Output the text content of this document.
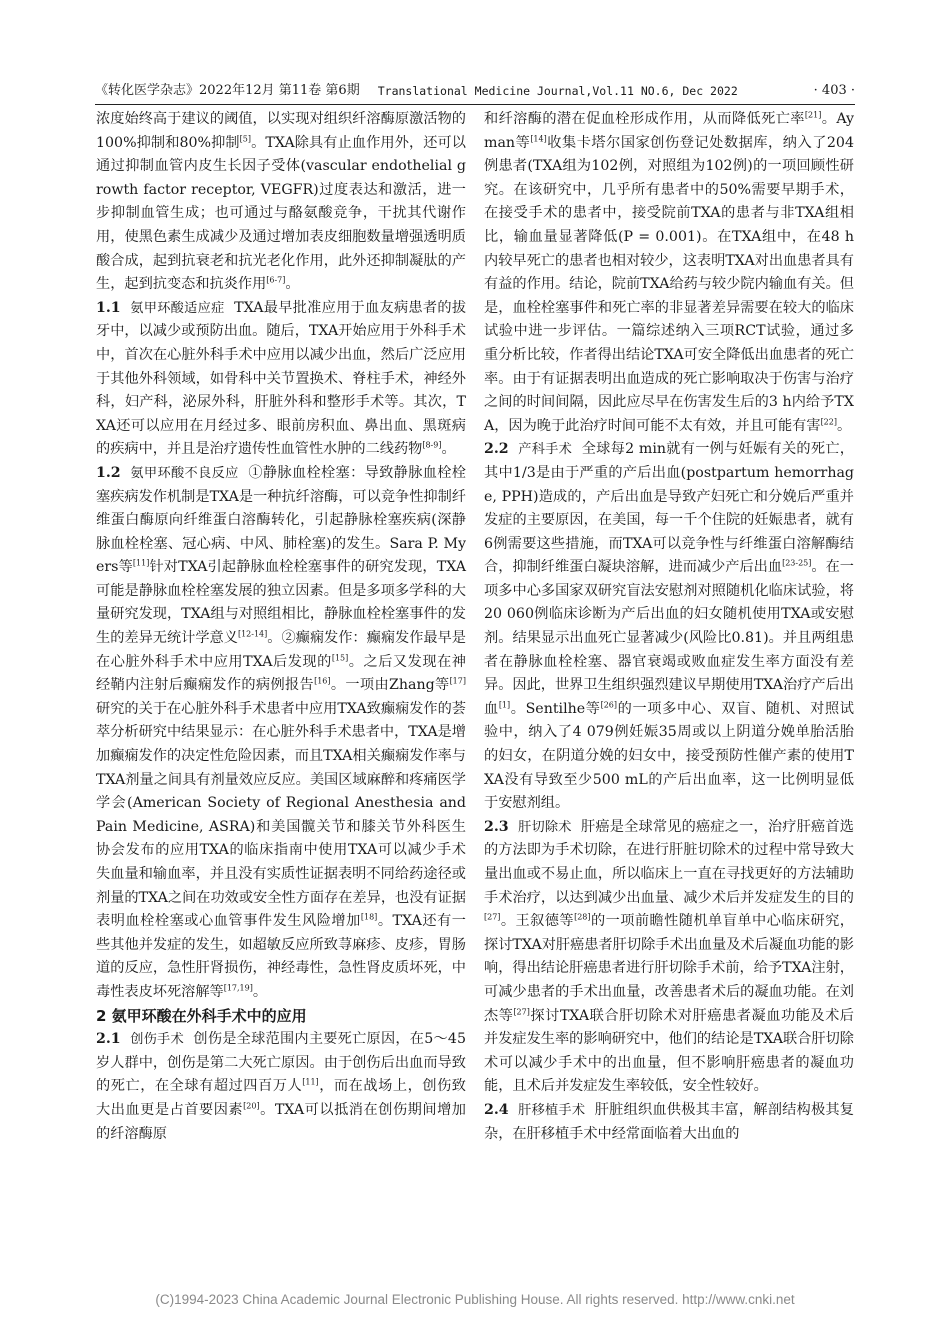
《转化医学杂志》2022年12月 第11卷 第6期 Translational Medicine Journal,Vol.11 NO.6, Dec 2022	· 403 ·

浓度始终高于建议的阈值，以实现对组织纤溶酶原激活物的100%抑制和80%抑制[5]。TXA除具有止血作用外，还可以通过抑制血管内皮生长因子受体(vascular endothelial growth factor receptor, VEGFR)过度表达和激活，进一步抑制血管生成；也可通过与酪氨酸竞争，干扰其代谢作用，使黑色素生成减少及通过增加表皮细胞数量增强透明质酸合成，起到抗衰老和抗光老化作用，此外还抑制凝肽的产生，起到抗变态和抗炎作用[6-7]。

1.1 氨甲环酸适应症 TXA最早批准应用于血友病患者的拔牙中，以减少或预防出血。随后，TXA开始应用于外科手术中，首次在心脏外科手术中应用以减少出血，然后广泛应用于其他外科领域，如骨科中关节置换术、脊柱手术，神经外科，妇产科，泌尿外科，肝脏外科和整形手术等。其次，TXA还可以应用在月经过多、眼前房积血、鼻出血、黑斑病的疾病中，并且是治疗遗传性血管性水肿的二线药物[8-9]。

1.2 氨甲环酸不良反应 ①静脉血栓栓塞：导致静脉血栓栓塞疾病发作机制是TXA是一种抗纤溶酶，可以竞争性抑制纤维蛋白酶原向纤维蛋白溶酶转化，引起静脉栓塞疾病(深静脉血栓栓塞、冠心病、中风、肺栓塞)的发生。Sara P. Myers等[11]针对TXA引起静脉血栓栓塞事件的研究发现，TXA可能是静脉血栓栓塞发展的独立因素。但是多项多学科的大量研究发现，TXA组与对照组相比，静脉血栓栓塞事件的发生的差异无统计学意义[12-14]。②癫痫发作：癫痫发作最早是在心脏外科手术中应用TXA后发现的[15]。之后又发现在神经鞘内注射后癫痫发作的病例报告[16]。一项由Zhang等[17]研究的关于在心脏外科手术患者中应用TXA致癫痫发作的荟萃分析研究中结果显示：在心脏外科手术患者中，TXA是增加癫痫发作的决定性危险因素，而且TXA相关癫痫发作率与TXA剂量之间具有剂量效应反应。美国区域麻醉和疼痛医学学会(American Society of Regional Anesthesia and Pain Medicine, ASRA)和美国髋关节和膝关节外科医生协会发布的应用TXA的临床指南中使用TXA可以减少手术失血量和输血率，并且没有实质性证据表明不同给药途径或剂量的TXA之间在功效或安全性方面存在差异，也没有证据表明血栓栓塞或心血管事件发生风险增加[18]。TXA还有一些其他并发症的发生，如超敏反应所致荨麻疹、皮疹，胃肠道的反应，急性肝肾损伤，神经毒性，急性肾皮质坏死，中毒性表皮坏死溶解等[17,19]。

2 氨甲环酸在外科手术中的应用

2.1 创伤手术 创伤是全球范围内主要死亡原因，在5～45岁人群中，创伤是第二大死亡原因。由于创伤后出血而导致的死亡，在全球有超过四百万人[11]，而在战场上，创伤致大出血更是占首要因素[20]。TXA可以抵消在创伤期间增加的纤溶酶原

和纤溶酶的潜在促血栓形成作用，从而降低死亡率[21]。Ayman等[14]收集卡塔尔国家创伤登记处数据库，纳入了204例患者(TXA组为102例，对照组为102例)的一项回顾性研究。在该研究中，几乎所有患者中的50%需要早期手术，在接受手术的患者中，接受院前TXA的患者与非TXA组相比，输血量显著降低(P = 0.001)。在TXA组中，在48 h内较早死亡的患者也相对较少，这表明TXA对出血患者具有有益的作用。结论，院前TXA给药与较少院内输血有关。但是，血栓栓塞事件和死亡率的非显著差异需要在较大的临床试验中进一步评估。一篇综述纳入三项RCT试验，通过多重分析比较，作者得出结论TXA可安全降低出血患者的死亡率。由于有证据表明出血造成的死亡影响取决于伤害与治疗之间的时间间隔，因此应尽早在伤害发生后的3 h内给予TXA，因为晚于此治疗时间可能不太有效，并且可能有害[22]。

2.2 产科手术 全球每2 min就有一例与妊娠有关的死亡，其中1/3是由于严重的产后出血(postpartum hemorrhage, PPH)造成的，产后出血是导致产妇死亡和分娩后严重并发症的主要原因，在美国，每一千个住院的妊娠患者，就有6例需要这些措施，而TXA可以竞争性与纤维蛋白溶解酶结合，抑制纤维蛋白凝块溶解，进而减少产后出血[23-25]。在一项多中心多国家双研究盲法安慰剂对照随机化临床试验，将20 060例临床诊断为产后出血的妇女随机使用TXA或安慰剂。结果显示出血死亡显著减少(风险比0.81)。并且两组患者在静脉血栓栓塞、器官衰竭或败血症发生率方面没有差异。因此，世界卫生组织强烈建议早期使用TXA治疗产后出血[1]。Sentilhe等[26]的一项多中心、双盲、随机、对照试验中，纳入了4 079例妊娠35周或以上阴道分娩单胎活胎的妇女，在阴道分娩的妇女中，接受预防性催产素的使用TXA没有导致至少500 mL的产后出血率，这一比例明显低于安慰剂组。

2.3 肝切除术 肝癌是全球常见的癌症之一，治疗肝癌首选的方法即为手术切除，在进行肝脏切除术的过程中常导致大量出血或不易止血，所以临床上一直在寻找更好的方法辅助手术治疗，以达到减少出血量、减少术后并发症发生的目的[27]。王叙德等[28]的一项前瞻性随机单盲单中心临床研究，探讨TXA对肝癌患者肝切除手术出血量及术后凝血功能的影响，得出结论肝癌患者进行肝切除手术前，给予TXA注射，可减少患者的手术出血量，改善患者术后的凝血功能。在刘杰等[27]探讨TXA联合肝切除术对肝癌患者凝血功能及术后并发症发生率的影响研究中，他们的结论是TXA联合肝切除术可以减少手术中的出血量，但不影响肝癌患者的凝血功能，且术后并发症发生率较低，安全性较好。

2.4 肝移植手术 肝脏组织血供极其丰富，解剖结构极其复杂，在肝移植手术中经常面临着大出血的

(C)1994-2023 China Academic Journal Electronic Publishing House. All rights reserved. http://www.cnki.net
